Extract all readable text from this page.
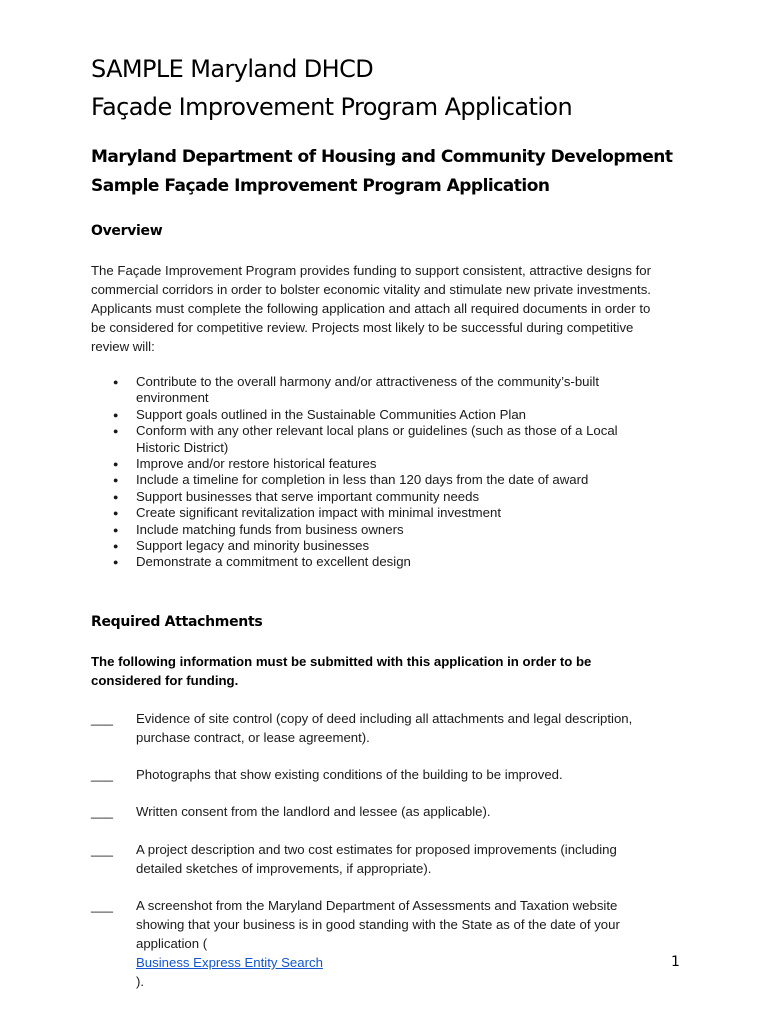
SAMPLE Maryland DHCD
Façade Improvement Program Application
Maryland Department of Housing and Community Development
Sample Façade Improvement Program Application
Overview

The Façade Improvement Program provides funding to support consistent, attractive designs for
commercial corridors in order to bolster economic vitality and stimulate new private investments.
Applicants must complete the following application and attach all required documents in order to
be considered for competitive review. Projects most likely to be successful during competitive
review will:

● Contribute to the overall harmony and/or attractiveness of the community’s-built
environment
● Support goals outlined in the Sustainable Communities Action Plan
● Conform with any other relevant local plans or guidelines (such as those of a Local
Historic District)
● Improve and/or restore historical features
● Include a timeline for completion in less than 120 days from the date of award
● Support businesses that serve important community needs
● Create significant revitalization impact with minimal investment
● Include matching funds from business owners
● Support legacy and minority businesses
● Demonstrate a commitment to excellent design
Required Attachments

The following information must be submitted with this application in order to be
considered for funding.

___ Evidence of site control (copy of deed including all attachments and legal description,
purchase contract, or lease agreement).
___ Photographs that show existing conditions of the building to be improved.
___ Written consent from the landlord and lessee (as applicable).
___ A project description and two cost estimates for proposed improvements (including
detailed sketches of improvements, if appropriate).
___ A screenshot from the Maryland Department of Assessments and Taxation website
showing that your business is in good standing with the State as of the date of your
application (
Business Express Entity Search
).
1
